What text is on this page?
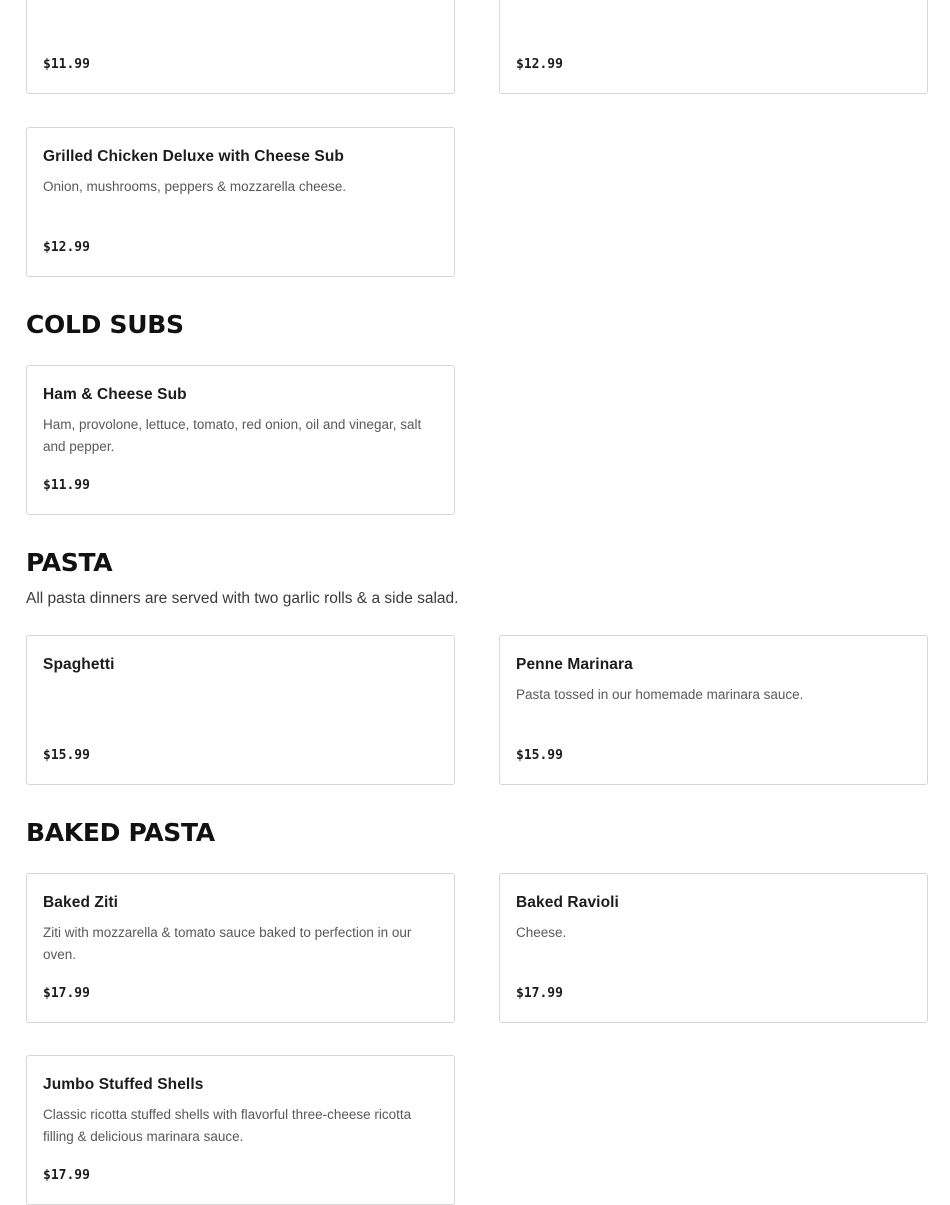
$11.99	$12.99
Grilled Chicken Deluxe with Cheese Sub
Onion, mushrooms, peppers & mozzarella cheese.
$12.99
COLD SUBS
Ham & Cheese Sub
Ham, provolone, lettuce, tomato, red onion, oil and vinegar, salt and pepper.
$11.99
PASTA
All pasta dinners are served with two garlic rolls & a side salad.
Spaghetti
$15.99
Penne Marinara
Pasta tossed in our homemade marinara sauce.
$15.99
BAKED PASTA
Baked Ziti
Ziti with mozzarella & tomato sauce baked to perfection in our oven.
$17.99
Baked Ravioli
Cheese.
$17.99
Jumbo Stuffed Shells
Classic ricotta stuffed shells with flavorful three-cheese ricotta filling & delicious marinara sauce.
$17.99
